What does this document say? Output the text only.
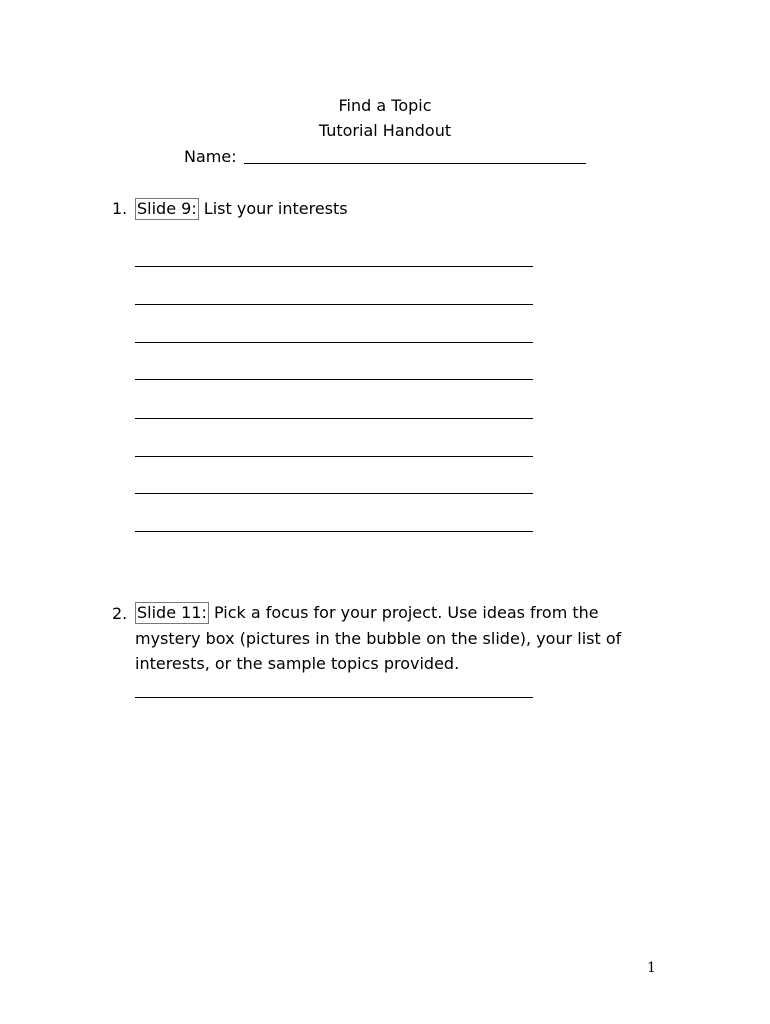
Find a Topic
Tutorial Handout
Name:
1. Slide 9: List your interests
2. Slide 11: Pick a focus for your project. Use ideas from the
mystery box (pictures in the bubble on the slide), your list of
interests, or the sample topics provided.
1
